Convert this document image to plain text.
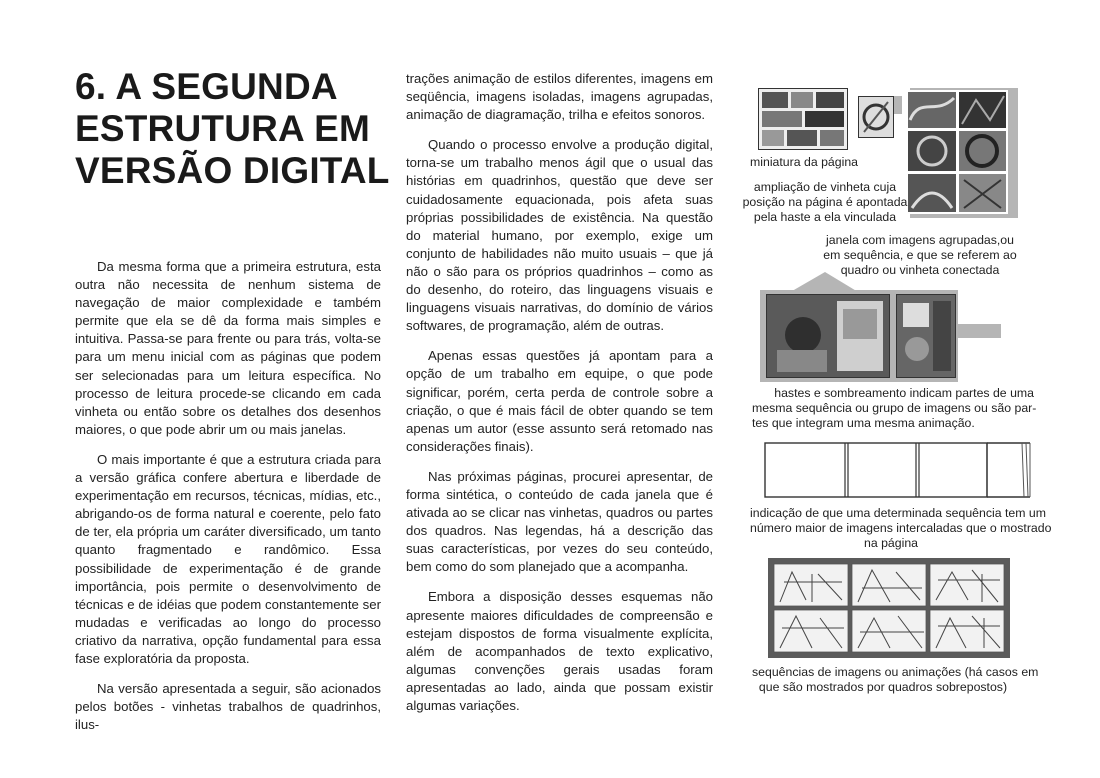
6. A SEGUNDA
ESTRUTURA EM
VERSÃO DIGITAL

Da mesma forma que a primeira estrutura, esta outra não necessita de nenhum sistema de navegação de maior complexidade e também permite que ela se dê da forma mais simples e intuitiva. Passa-se para frente ou para trás, volta-se para um menu inicial com as páginas que podem ser selecionadas para um leitura específica. No processo de leitura procede-se clicando em cada vinheta ou então sobre os detalhes dos desenhos maiores, o que pode abrir um ou mais janelas.

O mais importante é que a estrutura criada para a versão gráfica confere abertura e liberdade de experimentação em recursos, técnicas, mídias, etc., abrigando-os de forma natural e coerente, pelo fato de ter, ela própria um caráter diversificado, um tanto quanto fragmentado e randômico. Essa possibilidade de experimentação é de grande importância, pois permite o desenvolvimento de técnicas e de idéias que podem constantemente ser mudadas e verificadas ao longo do processo criativo da narrativa, opção fundamental para essa fase exploratória da proposta.

Na versão apresentada a seguir, são acionados pelos botões - vinhetas trabalhos de quadrinhos, ilus-

trações animação de estilos diferentes, imagens em seqüência, imagens isoladas, imagens agrupadas, animação de diagramação, trilha e efeitos sonoros.

Quando o processo envolve a produção digital, torna-se um trabalho menos ágil que o usual das histórias em quadrinhos, questão que deve ser cuidadosamente equacionada, pois afeta suas próprias possibilidades de existência. Na questão do material humano, por exemplo, exige um conjunto de habilidades não muito usuais – que já não o são para os próprios quadrinhos – como as do desenho, do roteiro, das linguagens visuais e linguagens visuais narrativas, do domínio de vários softwares, de programação, além de outras.

Apenas essas questões já apontam para a opção de um trabalho em equipe, o que pode significar, porém, certa perda de controle sobre a criação, o que é mais fácil de obter quando se tem apenas um autor (esse assunto será retomado nas considerações finais).

Nas próximas páginas, procurei apresentar, de forma sintética, o conteúdo de cada janela que é ativada ao se clicar nas vinhetas, quadros ou partes dos quadros. Nas legendas, há a descrição das suas características, por vezes do seu conteúdo, bem como do som planejado que a acompanha.

Embora a disposição desses esquemas não apresente maiores dificuldades de compreensão e estejam dispostos de forma visualmente explícita, além de acompanhados de texto explicativo, algumas convenções gerais usadas foram apresentadas ao lado, ainda que possam existir algumas variações.

miniatura da página
ampliação de vinheta cuja
posição na página é apontada
pela haste a ela vinculada
janela com imagens agrupadas,ou
em sequência, e que se referem ao
quadro ou vinheta conectada
hastes e sombreamento indicam partes de uma
mesma sequência ou grupo de imagens ou são par-
tes que integram uma mesma animação.
indicação de que uma determinada sequência tem um
número maior de imagens intercaladas que o mostrado
na página
sequências de imagens ou animações (há casos em
que são mostrados por quadros sobrepostos)
